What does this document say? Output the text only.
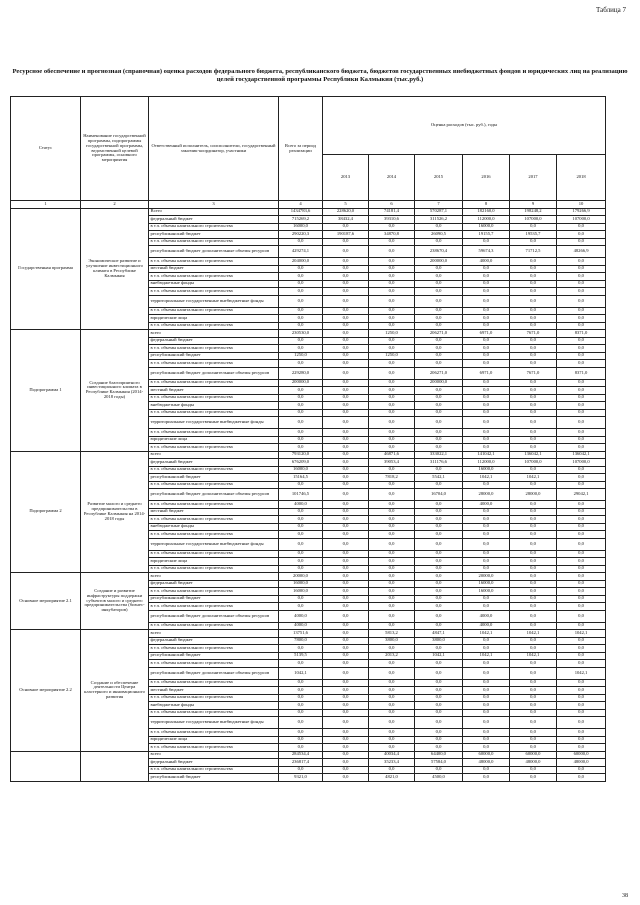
Таблица 7
Ресурсное обеспечение и прогнозная (справочная) оценка расходов федерального бюджета, республиканского бюджета, бюджетов государственных внебюджетных фондов и юридических лиц на реализацию целей государственной программы Республики Калмыкия (тыс.руб.)
Статус	Наименование государственной программы, подпрограммы государственной программы, ведомственной целевой программы, основного мероприятия	Ответственный исполнитель, соисполнители, государственный заказчик-координатор, участники	Всего за период реализации	Оценка расходов (тыс. руб.), годы					
				2013	2014	2015	2016	2017	2018
1	2	3	4	5	6	7	8	9	10
Государственная программа	Экономическое развитие и улучшение инвестиционного климата в Республике Калмыкия	Всего	1434783,6	228620,0	74181,4	570287,1	182160,0	198248,2	179266,9
		федеральный бюджет	715269,2	38432,4	39310,6	311526,2	112000,0	107000,0	107000,0
		в т.ч. объемы капитального строительства	16000,0	0,0	0,0	0,0	16000,0	0,0	0,0
		республиканский бюджет	290220,3	190187,6	34870,8	26090,5	19155,7	19535,7	0,0
		в т.ч. объемы капитального строительства	0,0	0,0	0,0	0,0	0,0	0,0	0,0
		республиканский бюджет дополнительные объемы ресурсов	429274,1	0,0	0,0	238670,4	59674,3	71712,5	48266,9
		в т.ч. объемы капитального строительства	204000,0	0,0	0,0	200000,0	4000,0	0,0	0,0
		местный бюджет	0,0	0,0	0,0	0,0	0,0	0,0	0,0
		в т.ч. объемы капитального строительства	0,0	0,0	0,0	0,0	0,0	0,0	0,0
		внебюджетные фонды	0,0	0,0	0,0	0,0	0,0	0,0	0,0
		в т.ч. объемы капитального строительства	0,0	0,0	0,0	0,0	0,0	0,0	0,0
		территориальные государственные внебюджетные фонды	0,0	0,0	0,0	0,0	0,0	0,0	0,0
		в т.ч. объемы капитального строительства	0,0	0,0	0,0	0,0	0,0	0,0	0,0
		юридические лица	0,0	0,0	0,0	0,0	0,0	0,0	0,0
		в т.ч. объемы капитального строительства	0,0	0,0	0,0	0,0	0,0	0,0	0,0
Подпрограмма 1	Создание благоприятного инвестиционного климата в Республике Калмыкия (2014-2018 годы)	всего	230530,0	0,0	1250,0	206271,0	6971,0	7671,0	8371,0
		федеральный бюджет	0,0	0,0	0,0	0,0	0,0	0,0	0,0
		в т.ч. объемы капитального строительства	0,0	0,0	0,0	0,0	0,0	0,0	0,0
		республиканский бюджет	1250,0	0,0	1250,0	0,0	0,0	0,0	0,0
		в т.ч. объемы капитального строительства	0,0	0,0	0,0	0,0	0,0	0,0	0,0
		республиканский бюджет дополнительные объемы ресурсов	229280,0	0,0	0,0	206271,0	6971,0	7671,0	8371,0
		в т.ч. объемы капитального строительства	200000,0	0,0	0,0	200000,0	0,0	0,0	0,0
		местный бюджет	0,0	0,0	0,0	0,0	0,0	0,0	0,0
		в т.ч. объемы капитального строительства	0,0	0,0	0,0	0,0	0,0	0,0	0,0
		внебюджетные фонды	0,0	0,0	0,0	0,0	0,0	0,0	0,0
		в т.ч. объемы капитального строительства	0,0	0,0	0,0	0,0	0,0	0,0	0,0
		территориальные государственные внебюджетные фонды	0,0	0,0	0,0	0,0	0,0	0,0	0,0
		в т.ч. объемы капитального строительства	0,0	0,0	0,0	0,0	0,0	0,0	0,0
		юридические лица	0,0	0,0	0,0	0,0	0,0	0,0	0,0
		в т.ч. объемы капитального строительства	0,0	0,0	0,0	0,0	0,0	0,0	0,0
Подпрограмма 2	Развитие малого и среднего предпринимательства в Республике Калмыкия на 2014-2018 годы	всего	793120,0	0,0	46871,6	333022,1	141042,1	136042,1	136042,1
		федеральный бюджет	676209,0	0,0	39053,4	311176,6	112000,0	107000,0	107000,0
		в т.ч. объемы капитального строительства	16000,0	0,0	0,0	0,0	16000,0	0,0	0,0
		республиканский бюджет	15164,5	0,0	7818,2	5542,1	1042,1	1042,1	0,0
		в т.ч. объемы капитального строительства	0,0	0,0	0,0	0,0	0,0	0,0	0,0
		республиканский бюджет дополнительные объемы ресурсов	101746,5	0,0	0,0	16704,0	28000,0	28000,0	29042,1
		в т.ч. объемы капитального строительства	4000,0	0,0	0,0	0,0	4000,0	0,0	0,0
		местный бюджет	0,0	0,0	0,0	0,0	0,0	0,0	0,0
		в т.ч. объемы капитального строительства	0,0	0,0	0,0	0,0	0,0	0,0	0,0
		внебюджетные фонды	0,0	0,0	0,0	0,0	0,0	0,0	0,0
		в т.ч. объемы капитального строительства	0,0	0,0	0,0	0,0	0,0	0,0	0,0
		территориальные государственные внебюджетные фонды	0,0	0,0	0,0	0,0	0,0	0,0	0,0
		в т.ч. объемы капитального строительства	0,0	0,0	0,0	0,0	0,0	0,0	0,0
		юридические лица	0,0	0,0	0,0	0,0	0,0	0,0	0,0
		в т.ч. объемы капитального строительства	0,0	0,0	0,0	0,0	0,0	0,0	0,0
Основное мероприятие 2.1	Создание и развитие инфраструктуры поддержки субъектов малого и среднего предпринимательства (бизнес-инкубаторов)	всего	20000,0	0,0	0,0	0,0	20000,0	0,0	0,0
		федеральный бюджет	16000,0	0,0	0,0	0,0	16000,0	0,0	0,0
		в т.ч. объемы капитального строительства	16000,0	0,0	0,0	0,0	16000,0	0,0	0,0
		республиканский бюджет	0,0	0,0	0,0	0,0	0,0	0,0	0,0
		в т.ч. объемы капитального строительства	0,0	0,0	0,0	0,0	0,0	0,0	0,0
		республиканский бюджет дополнительные объемы ресурсов	4000,0	0,0	0,0	0,0	4000,0	0,0	0,0
		в т.ч. объемы капитального строительства	4000,0	0,0	0,0	0,0	4000,0	0,0	0,0
Основное мероприятие 2.2	Создание и обеспечение деятельности Центра кластерного и инновационного развития	всего	13751,6	0,0	5813,2	4847,1	1042,1	1042,1	1042,1
		федеральный бюджет	7800,0	0,0	3800,0	3800,0	0,0	0,0	0,0
		в т.ч. объемы капитального строительства	0,0	0,0	0,0	0,0	0,0	0,0	0,0
		республиканский бюджет	5139,5	0,0	2013,2	1042,1	1042,1	1042,1	0,0
		в т.ч. объемы капитального строительства	0,0	0,0	0,0	0,0	0,0	0,0	0,0
		республиканский бюджет дополнительные объемы ресурсов	1042,1	0,0	0,0	0,0	0,0	0,0	1042,1
		в т.ч. объемы капитального строительства	0,0	0,0	0,0	0,0	0,0	0,0	0,0
		местный бюджет	0,0	0,0	0,0	0,0	0,0	0,0	0,0
		в т.ч. объемы капитального строительства	0,0	0,0	0,0	0,0	0,0	0,0	0,0
		внебюджетные фонды	0,0	0,0	0,0	0,0	0,0	0,0	0,0
		в т.ч. объемы капитального строительства	0,0	0,0	0,0	0,0	0,0	0,0	0,0
		территориальные государственные внебюджетные фонды	0,0	0,0	0,0	0,0	0,0	0,0	0,0
		в т.ч. объемы капитального строительства	0,0	0,0	0,0	0,0	0,0	0,0	0,0
		юридические лица	0,0	0,0	0,0	0,0	0,0	0,0	0,0
		в т.ч. объемы капитального строительства	0,0	0,0	0,0	0,0	0,0	0,0	0,0
		всего	284534,4	0,0	40034,4	64400,0	60000,0	60000,0	60000,0
		федеральный бюджет	236817,4	0,0	35233,4	57584,0	48000,0	48000,0	48000,0
		в т.ч. объемы капитального строительства	0,0	0,0	0,0	0,0	0,0	0,0	0,0
		республиканский бюджет	9321,0	0,0	4821,0	4500,0	0,0	0,0	0,0
38
